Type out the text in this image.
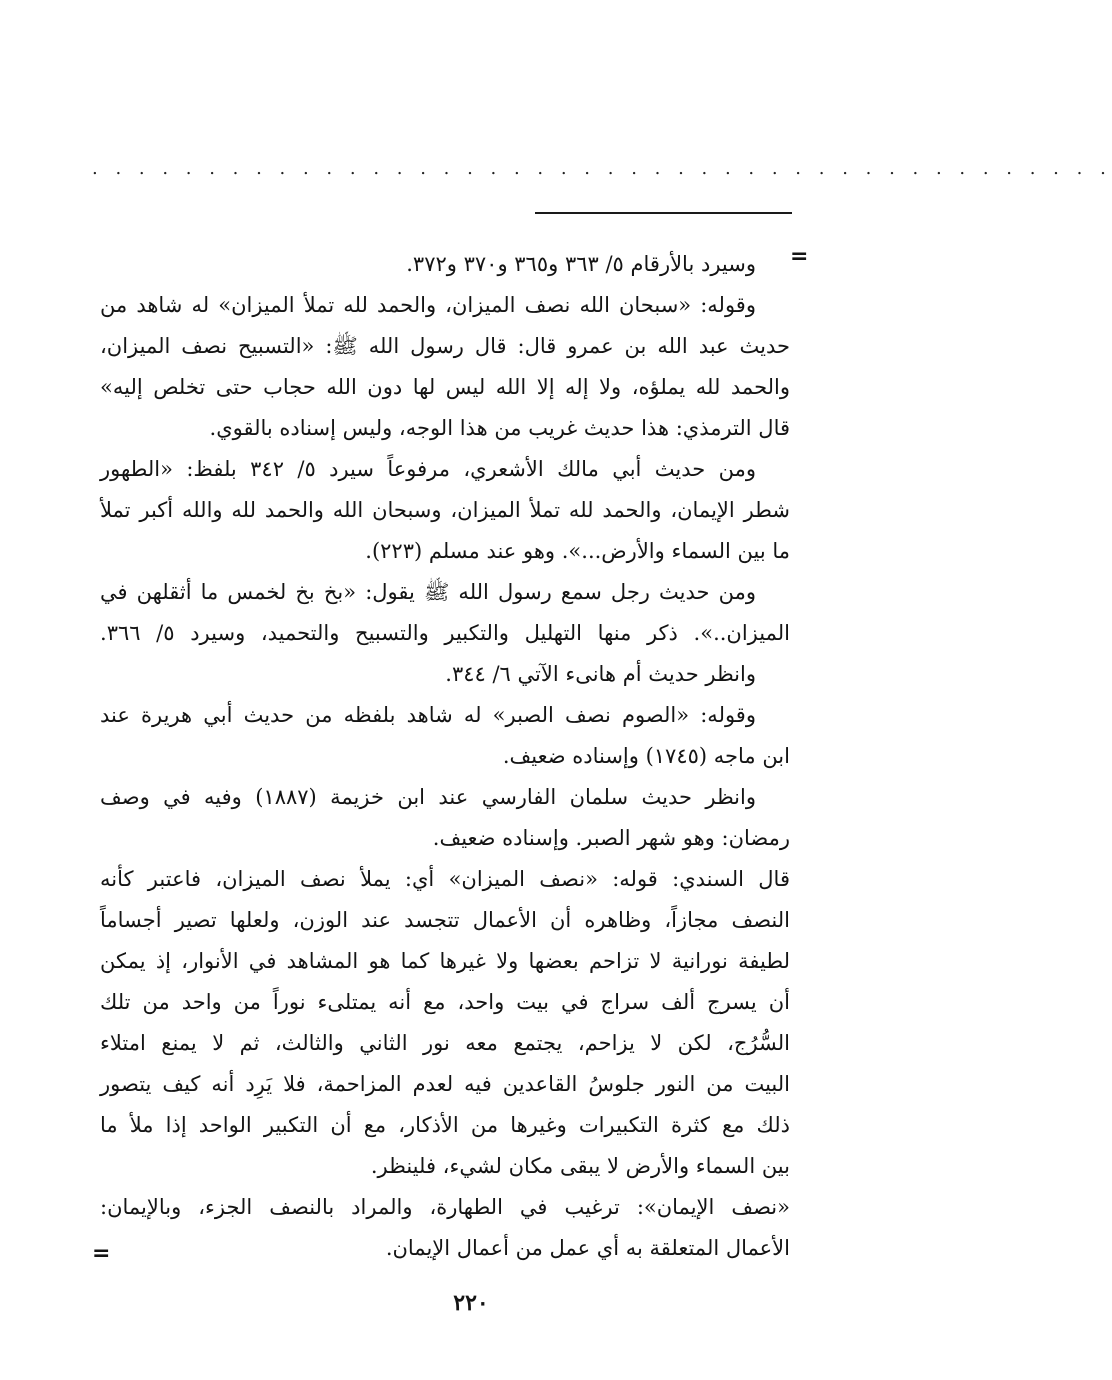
. . . . . . . . . . . . . . . . . . . . . . . . . . . . . . . . . . . . . . . . . . . .
=
وسيرد بالأرقام ٥/ ٣٦٣ و٣٦٥ و٣٧٠ و٣٧٢.
وقوله: «سبحان الله نصف الميزان، والحمد لله تملأ الميزان» له شاهد من
حديث عبد الله بن عمرو قال: قال رسول الله ﷺ: «التسبيح نصف الميزان،
والحمد لله يملؤه، ولا إله إلا الله ليس لها دون الله حجاب حتى تخلص إليه»
قال الترمذي: هذا حديث غريب من هذا الوجه، وليس إسناده بالقوي.
ومن حديث أبي مالك الأشعري، مرفوعاً سيرد ٥/ ٣٤٢ بلفظ: «الطهور
شطر الإيمان، والحمد لله تملأ الميزان، وسبحان الله والحمد لله والله أكبر تملأ
ما بين السماء والأرض...». وهو عند مسلم (٢٢٣).
ومن حديث رجل سمع رسول الله ﷺ يقول: «بخ بخ لخمس ما أثقلهن في
الميزان..». ذكر منها التهليل والتكبير والتسبيح والتحميد، وسيرد ٥/ ٣٦٦.
وانظر حديث أم هانىء الآتي ٦/ ٣٤٤.
وقوله: «الصوم نصف الصبر» له شاهد بلفظه من حديث أبي هريرة عند
ابن ماجه (١٧٤٥) وإسناده ضعيف.
وانظر حديث سلمان الفارسي عند ابن خزيمة (١٨٨٧) وفيه في وصف
رمضان: وهو شهر الصبر. وإسناده ضعيف.
قال السندي: قوله: «نصف الميزان» أي: يملأ نصف الميزان، فاعتبر كأنه
النصف مجازاً، وظاهره أن الأعمال تتجسد عند الوزن، ولعلها تصير أجساماً
لطيفة نورانية لا تزاحم بعضها ولا غيرها كما هو المشاهد في الأنوار، إذ يمكن
أن يسرج ألف سراج في بيت واحد، مع أنه يمتلىء نوراً من واحد من تلك
السُّرُج، لكن لا يزاحم، يجتمع معه نور الثاني والثالث، ثم لا يمنع امتلاء
البيت من النور جلوسُ القاعدين فيه لعدم المزاحمة، فلا يَرِد أنه كيف يتصور
ذلك مع كثرة التكبيرات وغيرها من الأذكار، مع أن التكبير الواحد إذا ملأ ما
بين السماء والأرض لا يبقى مكان لشيء، فلينظر.
«نصف الإيمان»: ترغيب في الطهارة، والمراد بالنصف الجزء، وبالإيمان:
الأعمال المتعلقة به أي عمل من أعمال الإيمان.
=
٢٢٠
